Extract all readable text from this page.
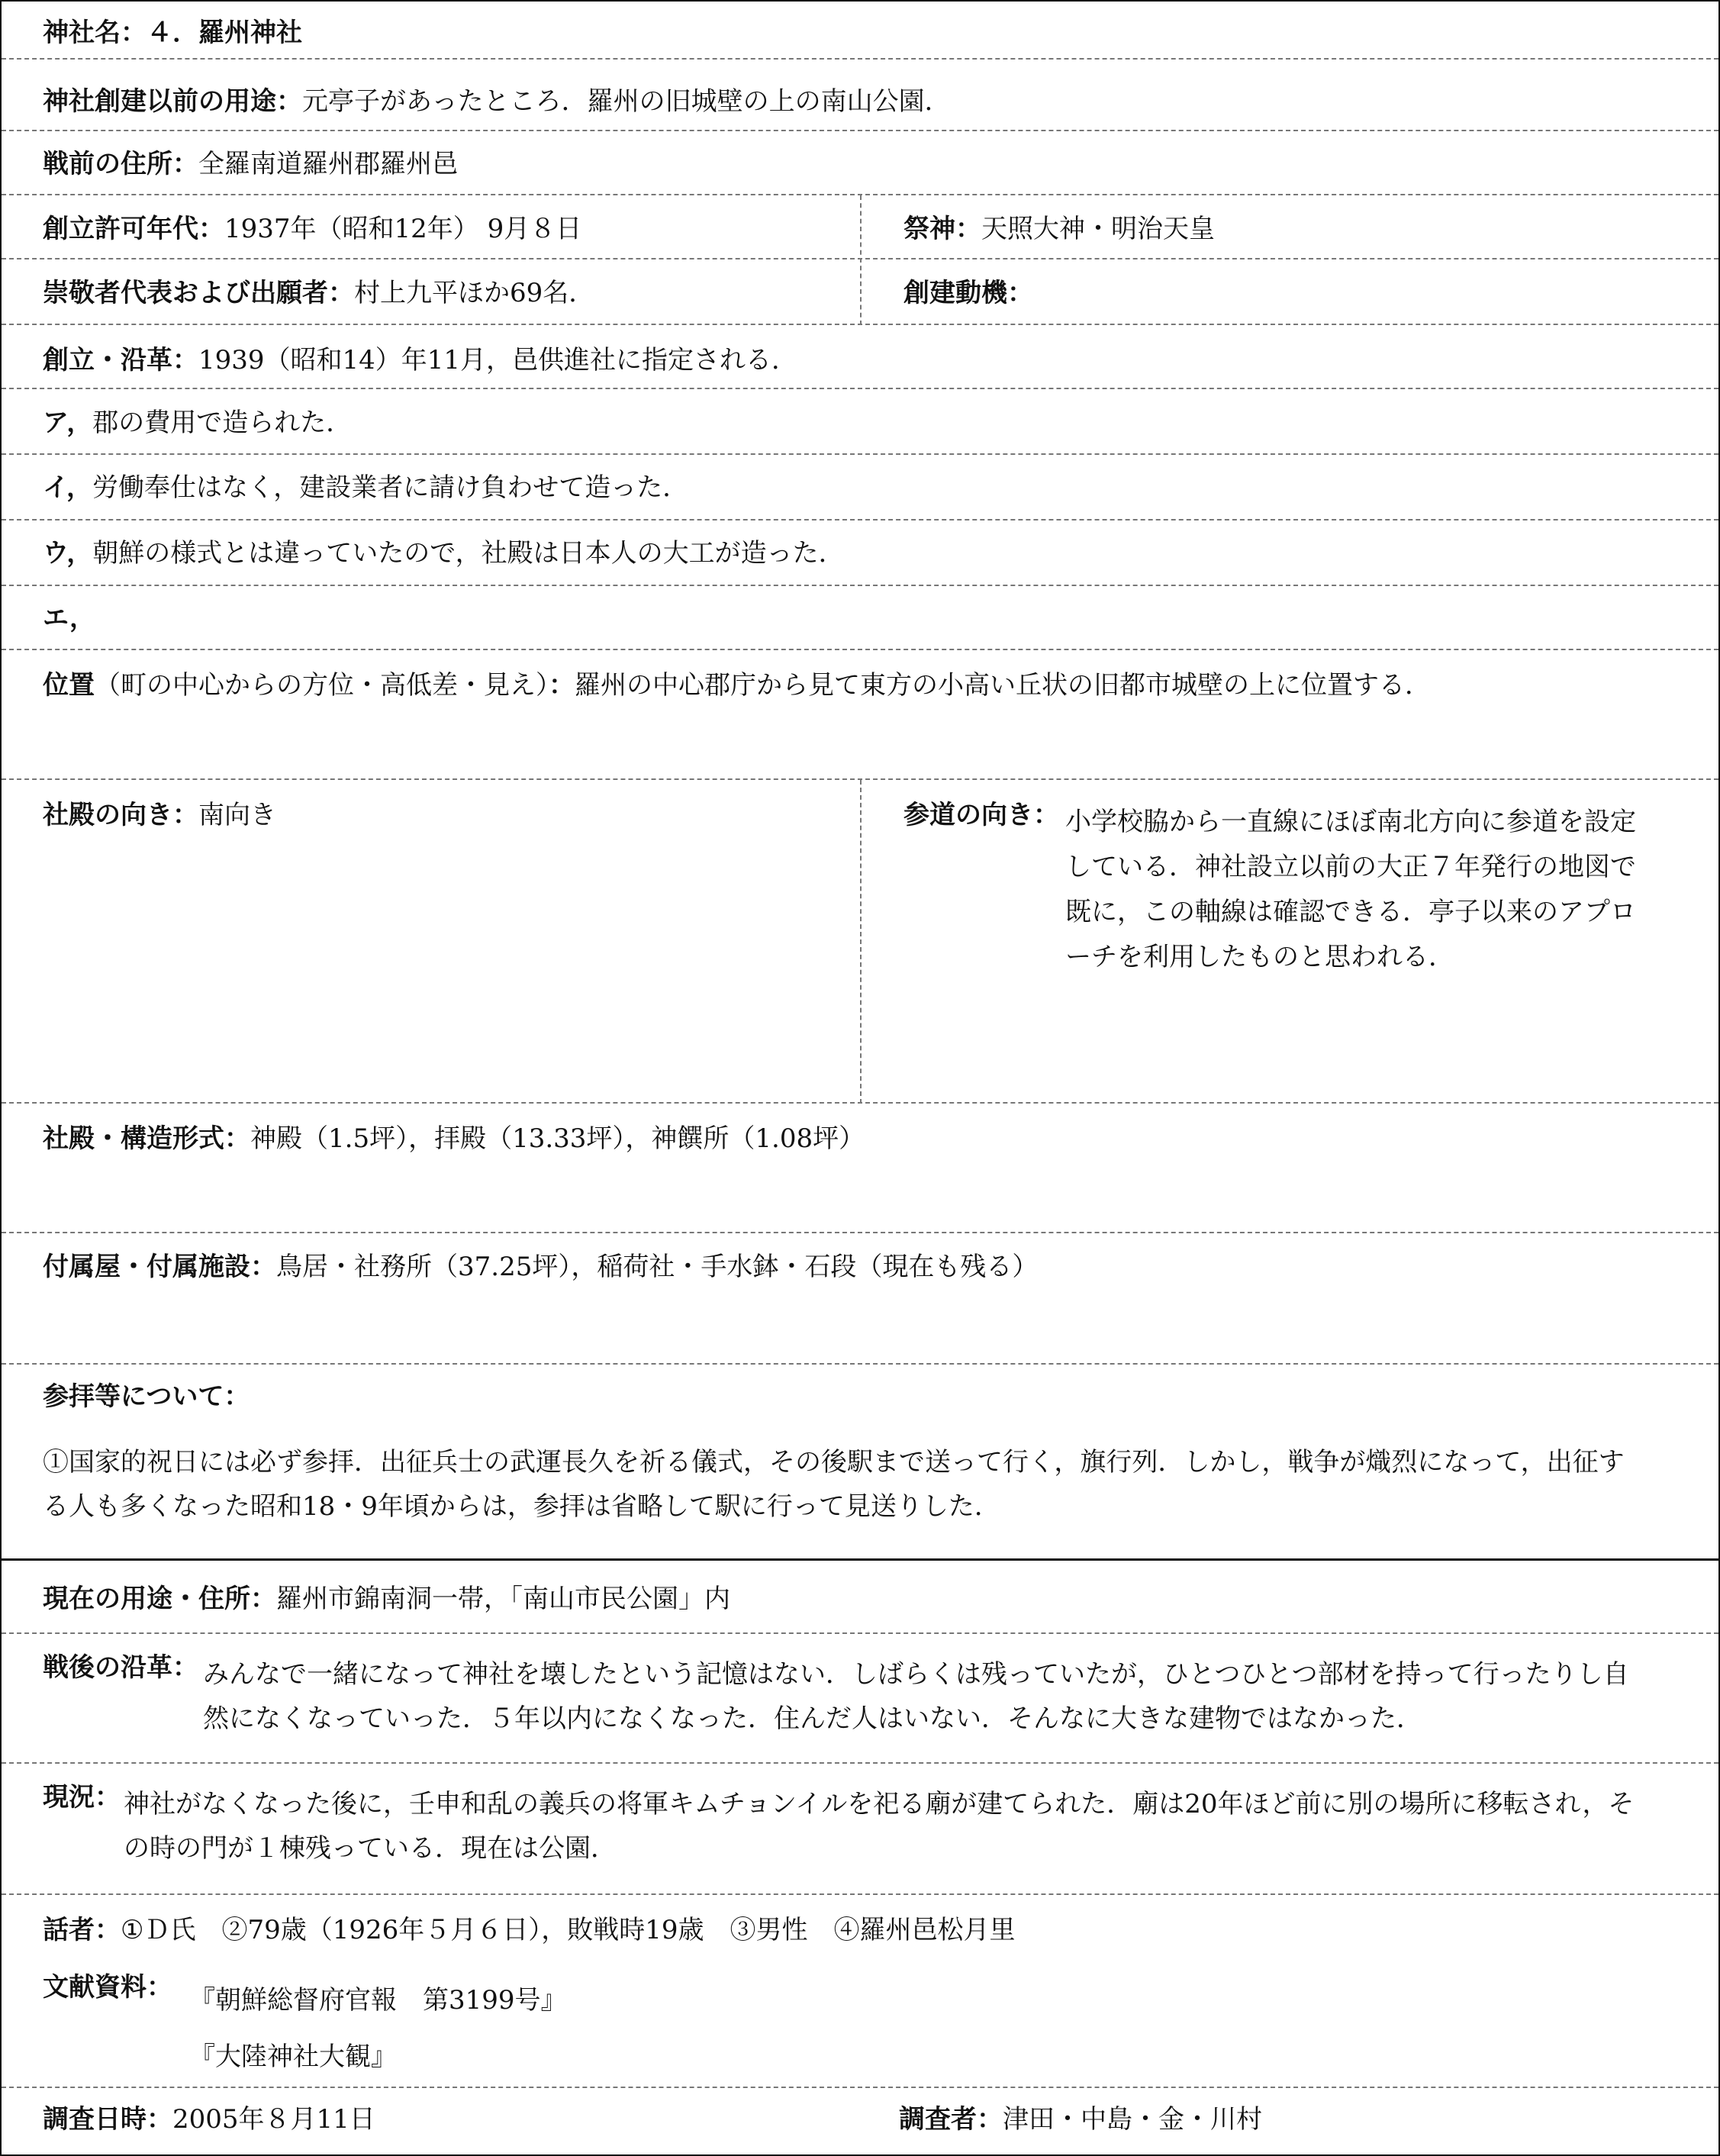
神社名：４．羅州神社
神社創建以前の用途：元亭子があったところ．羅州の旧城壁の上の南山公園．
戦前の住所：全羅南道羅州郡羅州邑
創立許可年代：1937年（昭和12年） 9月８日	祭神：天照大神・明治天皇
崇敬者代表および出願者：村上九平ほか69名．	創建動機：
創立・沿革：1939（昭和14）年11月，邑供進社に指定される．
ア，郡の費用で造られた．
イ，労働奉仕はなく，建設業者に請け負わせて造った．
ウ，朝鮮の様式とは違っていたので，社殿は日本人の大工が造った．
エ，
位置（町の中心からの方位・高低差・見え）：羅州の中心郡庁から見て東方の小高い丘状の旧都市城壁の上に位置する．
社殿の向き：南向き	参道の向き： 小学校脇から一直線にほぼ南北方向に参道を設定
している．神社設立以前の大正７年発行の地図で
既に，この軸線は確認できる．亭子以来のアプロ
ーチを利用したものと思われる．
社殿・構造形式：神殿（1.5坪），拝殿（13.33坪），神饌所（1.08坪）
付属屋・付属施設：鳥居・社務所（37.25坪），稲荷社・手水鉢・石段（現在も残る）
参拝等について：
①国家的祝日には必ず参拝．出征兵士の武運長久を祈る儀式，その後駅まで送って行く，旗行列．しかし，戦争が熾烈になって，出征す
る人も多くなった昭和18・9年頃からは，参拝は省略して駅に行って見送りした．
現在の用途・住所：羅州市錦南洞一帯，「南山市民公園」内
戦後の沿革： みんなで一緒になって神社を壊したという記憶はない．しばらくは残っていたが，ひとつひとつ部材を持って行ったりし自
然になくなっていった．５年以内になくなった．住んだ人はいない．そんなに大きな建物ではなかった．
現況： 神社がなくなった後に，壬申和乱の義兵の将軍キムチョンイルを祀る廟が建てられた．廟は20年ほど前に別の場所に移転され，そ
の時の門が１棟残っている．現在は公園．
話者：①Ｄ氏　②79歳（1926年５月６日），敗戦時19歳　③男性　④羅州邑松月里
文献資料： 『朝鮮総督府官報　第3199号』
『大陸神社大観』
調査日時：2005年８月11日	調査者：津田・中島・金・川村
